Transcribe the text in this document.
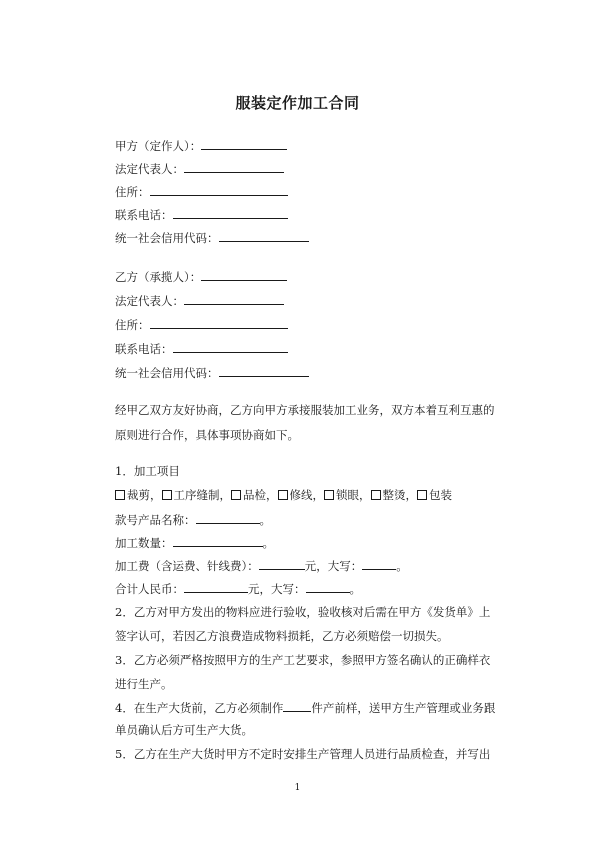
服装定作加工合同
甲方（定作人）：
法定代表人：
住所：
联系电话：
统一社会信用代码：
乙方（承揽人）：
法定代表人：
住所：
联系电话：
统一社会信用代码：
经甲乙双方友好协商，乙方向甲方承接服装加工业务，双方本着互利互惠的
原则进行合作，具体事项协商如下。
1．加工项目
裁剪， 工序缝制， 品检， 修线， 锁眼， 整烫， 包装
款号产品名称：	。
加工数量：	。
加工费（含运费、针线费）：	元，大写：	。
合计人民币：	元，大写：	。
2．乙方对甲方发出的物料应进行验收，验收核对后需在甲方《发货单》上
签字认可，若因乙方浪费造成物料损耗，乙方必须赔偿一切损失。
3．乙方必须严格按照甲方的生产工艺要求，参照甲方签名确认的正确样衣
进行生产。
4．在生产大货前，乙方必须制作 件产前样，送甲方生产管理或业务跟
单员确认后方可生产大货。
5．乙方在生产大货时甲方不定时安排生产管理人员进行品质检查，并写出
1
